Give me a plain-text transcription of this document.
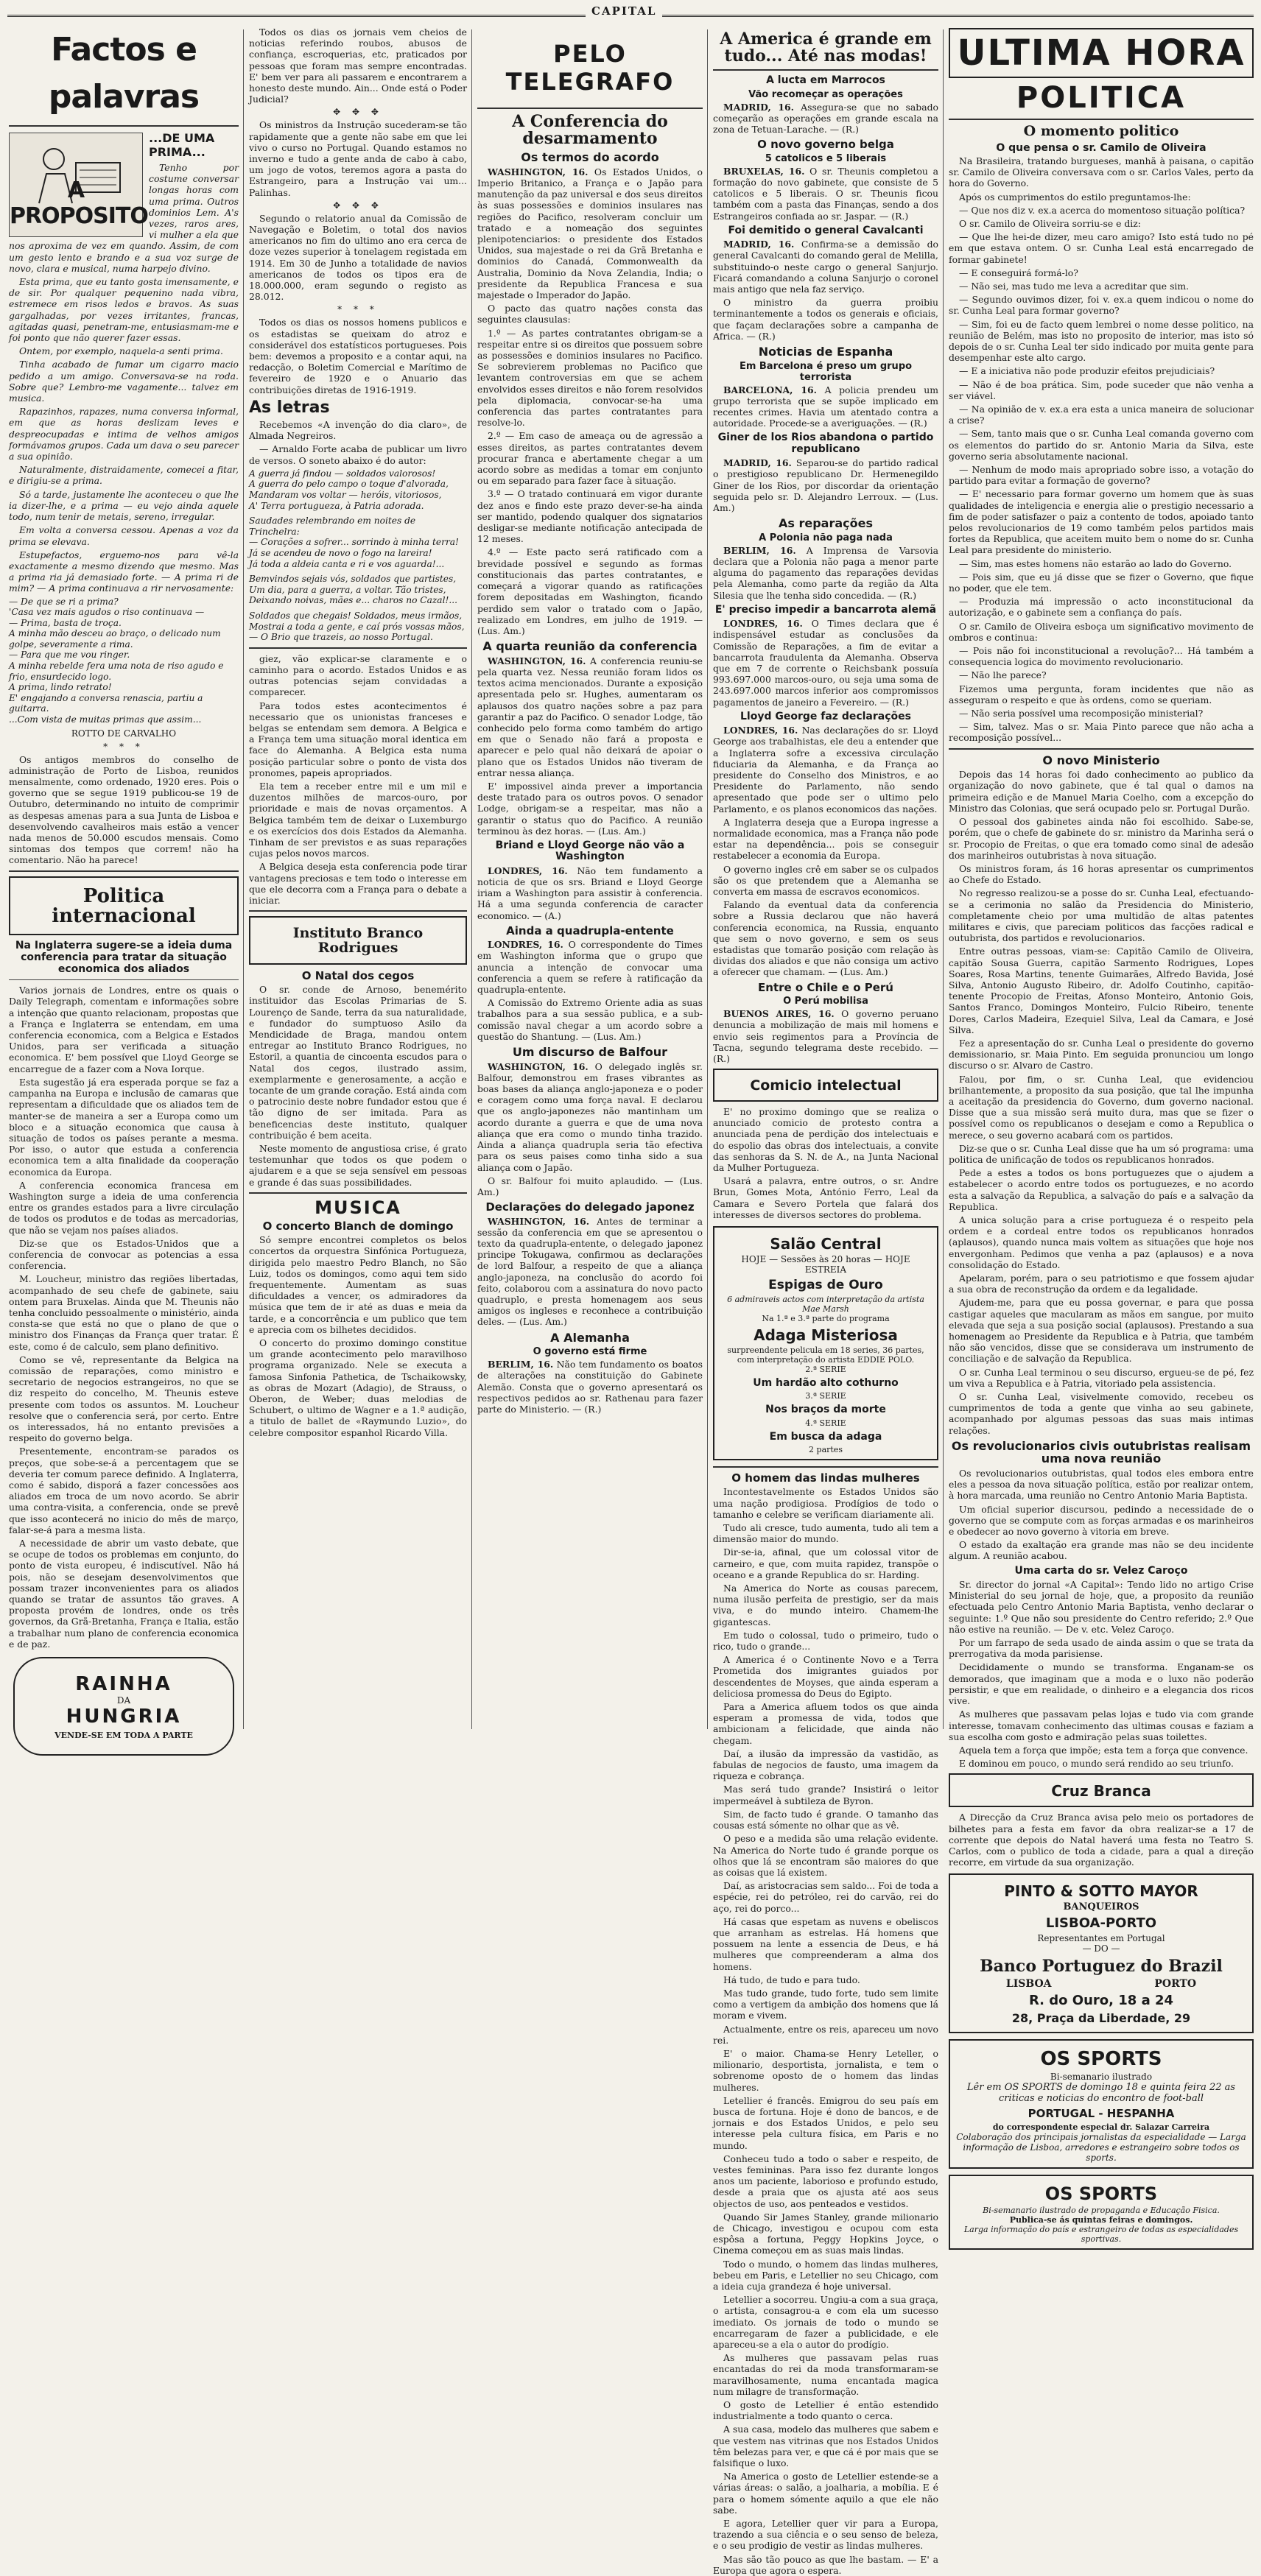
CAPITAL
Factos e palavras
A PROPOSITO
...DE UMA PRIMA...

Tenho por costume conversar longas horas com uma prima. Outros dominios Lem. A's vezes, raros ares, vi mulher a ela que nos aproxima de vez em quando. Assim, de com um gesto lento e brando e a sua voz surge de novo, clara e musical, numa harpejo divino.

Esta prima, que eu tanto gosta imensamente, e de sir. Por qualquer pequenino nada vibra, estremece em risos ledos e bravos. As suas gargalhadas, por vezes irritantes, francas, agitadas quasi, penetram-me, entusiasmam-me e foi ponto que não querer fazer essas.

Ontem, por exemplo, naquela-a senti prima.

Tinha acabado de fumar um cigarro macio pedido a um amigo. Conversava-se na roda. Sobre que? Lembro-me vagamente... talvez em musica.

Rapazinhos, rapazes, numa conversa informal, em que as horas deslizam leves e despreocupadas e intima de velhos amigos formávamos grupos. Cada um dava o seu parecer a sua opinião.

Naturalmente, distraidamente, comecei a fitar, e dirigiu-se a prima.

Só a tarde, justamente lhe aconteceu o que lhe ia dizer-lhe, e a prima — eu vejo ainda aquele todo, num tenir de metais, sereno, irregular.

Em volta a conversa cessou. Apenas a voz da prima se elevava.

Estupefactos, erguemo-nos para vê-la exactamente a mesmo dizendo que mesmo. Mas a prima ria já demasiado forte. — A prima ri de mim? — A prima continuava a rir nervosamente:

— De que se ri a prima?
'Casa vez mais agudos o riso continuava —
— Prima, basta de troça.
A minha mão desceu ao braço, o delicado num golpe, severamente a rima.
— Para que me vou ringer.
A minha rebelde fera uma nota de riso agudo e frio, ensurdecido logo.
A prima, lindo retrato!
E' engajando a conversa renascia, partiu a guitarra.
...Com vista de muitas primas que assim...
ROTTO DE CARVALHO
* * *

Os antigos membros do conselho de administração de Porto de Lisboa, reunidos mensalmente, como ordenado, 1920 eres. Pois o governo que se segue 1919 publicou-se 19 de Outubro, determinando no intuito de comprimir as despesas amenas para a sua Junta de Lisboa e desenvolvendo cavalheiros mais estão a vencer nada menos de 50.000 escudos mensais. Como sintomas dos tempos que correm! não ha comentario. Não ha parece!

Politica internacional
Na Inglaterra sugere-se a ideia duma conferencia para tratar da situação economica dos aliados

Varios jornais de Londres, entre os quais o Daily Telegraph, comentam e informações sobre a intenção que quanto relacionam, propostas que a França e Inglaterra se entendam, em uma conferencia economica, com a Belgica e Estados Unidos, para ser verificada a situação economica. E' bem possível que Lloyd George se encarregue de a fazer com a Nova Iorque.

Esta sugestão já era esperada porque se faz a campanha na Europa e inclusão de camaras que representam a dificuldade que os aliados tem de manter-se de maneira a ser a Europa como um bloco e a situação economica que causa à situação de todos os países perante a mesma. Por isso, o autor que estuda a conferencia economica tem a alta finalidade da cooperação economica da Europa.

A conferencia economica francesa em Washington surge a ideia de uma conferencia entre os grandes estados para a livre circulação de todos os produtos e de todas as mercadorias, que não se vejam nos países aliados.

Diz-se que os Estados-Unidos que a conferencia de convocar as potencias a essa conferencia.

M. Loucheur, ministro das regiões libertadas, acompanhado de seu chefe de gabinete, saiu ontem para Bruxelas. Ainda que M. Theunis não tenha concluido pessoalmente o ministério, ainda consta-se que está no que o plano de que o ministro dos Finanças da França quer tratar. É este, como é de calculo, sem plano definitivo.

Como se vê, representante da Belgica na comissão de reparações, como ministro e secretario de negocios estrangeiros, no que se diz respeito do concelho, M. Theunis esteve presente com todos os assuntos. M. Loucheur resolve que o conferencia será, por certo. Entre os interessados, há no entanto previsões a respeito do governo belga.

Presentemente, encontram-se parados os preços, que sobe-se-á a percentagem que se deveria ter comum parece definido. A Inglaterra, como é sabido, disporá a fazer concessões aos aliados em troca de um novo acordo. Se abrir uma contra-visita, a conferencia, onde se prevê que isso acontecerá no inicio do mês de março, falar-se-á para a mesma lista.

A necessidade de abrir um vasto debate, que se ocupe de todos os problemas em conjunto, do ponto de vista europeu, é indiscutível. Não há pois, não se desejam desenvolvimentos que possam trazer inconvenientes para os aliados quando se tratar de assuntos tão graves. A proposta provém de londres, onde os três governos, da Grã-Bretanha, França e Italia, estão a trabalhar num plano de conferencia economica e de paz.

RAINHA
DA
HUNGRIA
VENDE-SE EM TODA A PARTE

Todos os dias os jornais vem cheios de noticias referindo roubos, abusos de confiança, escroquerias, etc, praticados por pessoas que foram mas sempre encontradas. E' bem ver para ali passarem e encontrarem a honesto deste mundo. Ain... Onde está o Poder Judicial?

✥ ✥ ✥

Os ministros da Instrução sucederam-se tão rapidamente que a gente não sabe em que lei vivo o curso no Portugal. Quando estamos no inverno e tudo a gente anda de cabo à cabo, um jogo de votos, teremos agora a pasta do Estrangeiro, para a Instrução vai um... Palinhas.

✥ ✥ ✥

Segundo o relatorio anual da Comissão de Navegação e Boletim, o total dos navios americanos no fim do ultimo ano era cerca de doze vezes superior à tonelagem registada em 1914. Em 30 de Junho a totalidade de navios americanos de todos os tipos era de 18.000.000, eram segundo o registo as 28.012.

* * *

Todos os dias os nossos homens publicos e os estadistas se queixam do atroz e considerável dos estatísticos portugueses. Pois bem: devemos a proposito e a contar aqui, na redacção, o Boletim Comercial e Marítimo de fevereiro de 1920 e o Anuario das contribuições diretas de 1916-1919.

As letras

Recebemos «A invenção do dia claro», de Almada Negreiros.

— Arnaldo Forte acaba de publicar um livro de versos. O soneto abaixo é do autor:

A guerra já findou — soldados valorosos!
A guerra do pelo campo o toque d'alvorada,
Mandaram vos voltar — heróis, vitoriosos,
A' Terra portugueza, à Patria adorada.
Saudades relembrando em noites de Trinchelra:
— Corações a sofrer... sorrindo à minha terra!
Já se acendeu de novo o fogo na lareira!
Já toda a aldeia canta e ri e vos aguarda!...
Bemvindos sejais vós, soldados que partistes,
Um dia, para a guerra, a voltar. Tão tristes,
Deixando noivas, mães e... charos no Cazal!...
Soldados que chegais! Soldados, meus irmãos,
Mostrai a toda a gente, e caí prós vossas mãos,
— O Brio que trazeis, ao nosso Portugal.

giez, vão explicar-se claramente e o caminho para o acordo. Estados Unidos e as outras potencias sejam convidadas a comparecer.

Para todos estes acontecimentos é necessario que os unionistas franceses e belgas se entendam sem demora. A Belgica e a França tem uma situação moral identica em face do Alemanha. A Belgica esta numa posição particular sobre o ponto de vista dos pronomes, papeis apropriados.

Ela tem a receber entre mil e um mil e duzentos milhões de marcos-ouro, por prioridade e mais de novas orçamentos. A Belgica também tem de deixar o Luxemburgo e os exercícios dos dois Estados da Alemanha. Tinham de ser previstos e as suas reparações cujas pelos novos marcos.

A Belgica deseja esta conferencia pode tirar vantagens preciosas e tem todo o interesse em que ele decorra com a França para o debate a iniciar.

Instituto Branco Rodrigues
O Natal dos cegos

O sr. conde de Arnoso, benemérito instituidor das Escolas Primarias de S. Lourenço de Sande, terra da sua naturalidade, e fundador do sumptuoso Asilo da Mendicidade de Braga, mandou ontem entregar ao Instituto Branco Rodrigues, no Estoril, a quantia de cincoenta escudos para o Natal dos cegos, ilustrado assim, exemplarmente e generosamente, a acção e tocante de um grande coração. Está ainda com o patrocinio deste nobre fundador estou que é tão digno de ser imitada. Para as beneficencias deste instituto, qualquer contribuição é bem aceita.

Neste momento de angustiosa crise, é grato testemunhar que todos os que podem o ajudarem e a que se seja sensível em pessoas e grande é das suas possibilidades.

MUSICA
O concerto Blanch de domingo

Só sempre encontrei completos os belos concertos da orquestra Sinfónica Portugueza, dirigida pelo maestro Pedro Blanch, no São Luiz, todos os domingos, como aqui tem sido frequentemente. Aumentam as suas dificuldades a vencer, os admiradores da música que tem de ir até as duas e meia da tarde, e a concorrência e um publico que tem e aprecia com os bilhetes decididos.

O concerto do proximo domingo constitue um grande acontecimento pelo maravilhoso programa organizado. Nele se executa a famosa Sinfonia Pathetica, de Tschaikowsky, as obras de Mozart (Adagio), de Strauss, o Oberon, de Weber; duas melodias de Schubert, o ultimo de Wagner e a 1.ª audição, a titulo de ballet de «Raymundo Luzio», do celebre compositor espanhol Ricardo Villa.

PELO TELEGRAFO
A Conferencia do desarmamento
Os termos do acordo

WASHINGTON, 16. Os Estados Unidos, o Imperio Britanico, a França e o Japão para manutenção da paz universal e dos seus direitos às suas possessões e dominios insulares nas regiões do Pacifico, resolveram concluir um tratado e a nomeação dos seguintes plenipotenciarios: o presidente dos Estados Unidos, sua majestade o rei da Grã Bretanha e dominios do Canadá, Commonwealth da Australia, Dominio da Nova Zelandia, India; o presidente da Republica Francesa e sua majestade o Imperador do Japão.

O pacto das quatro nações consta das seguintes clausulas:

1.º — As partes contratantes obrigam-se a respeitar entre si os direitos que possuem sobre as possessões e dominios insulares no Pacifico. Se sobrevierem problemas no Pacifico que levantem controversias em que se achem envolvidos esses direitos e não forem resolvidos pela diplomacia, convocar-se-ha uma conferencia das partes contratantes para resolve-lo.

2.º — Em caso de ameaça ou de agressão a esses direitos, as partes contratantes devem procurar franca e abertamente chegar a um acordo sobre as medidas a tomar em conjunto ou em separado para fazer face à situação.

3.º — O tratado continuará em vigor durante dez anos e findo este prazo dever-se-ha ainda ser mantido, podendo qualquer dos signatarios desligar-se mediante notificação antecipada de 12 meses.

4.º — Este pacto será ratificado com a brevidade possível e segundo as formas constitucionais das partes contratantes, e começará a vigorar quando as ratificações forem depositadas em Washington, ficando perdido sem valor o tratado com o Japão, realizado em Londres, em julho de 1919. — (Lus. Am.)

A quarta reunião da conferencia

WASHINGTON, 16. A conferencia reuniu-se pela quarta vez. Nessa reunião foram lidos os textos acima mencionados. Durante a exposição apresentada pelo sr. Hughes, aumentaram os aplausos dos quatro nações sobre a paz para garantir a paz do Pacifico. O senador Lodge, tão conhecido pelo forma como também do artigo em que o Senado não fará a proposta e aparecer e pelo qual não deixará de apoiar o plano que os Estados Unidos não tiveram de entrar nessa aliança.

E' impossivel ainda prever a importancia deste tratado para os outros povos. O senador Lodge, obrigam-se a respeitar, mas não a garantir o status quo do Pacifico. A reunião terminou às dez horas. — (Lus. Am.)

Briand e Lloyd George não vão a Washington

LONDRES, 16. Não tem fundamento a noticia de que os srs. Briand e Lloyd George iriam a Washington para assistir à conferencia. Há a uma segunda conferencia de caracter economico. — (A.)

Ainda a quadrupla-entente

LONDRES, 16. O correspondente do Times em Washington informa que o grupo que anuncia a intenção de convocar uma conferencia a quem se refere à ratificação da quadrupla-entente.

A Comissão do Extremo Oriente adia as suas trabalhos para a sua sessão publica, e a sub-comissão naval chegar a um acordo sobre a questão do Shantung. — (Lus. Am.)

Um discurso de Balfour

WASHINGTON, 16. O delegado inglês sr. Balfour, demonstrou em frases vibrantes as boas bases da aliança anglo-japoneza e o poder e coragem como uma força naval. E declarou que os anglo-japonezes não mantinham um acordo durante a guerra e que de uma nova aliança que era como o mundo tinha trazido. Ainda a aliança quadrupla seria tão efectiva para os seus paises como tinha sido a sua aliança com o Japão.

O sr. Balfour foi muito aplaudido. — (Lus. Am.)

Declarações do delegado japonez

WASHINGTON, 16. Antes de terminar a sessão da conferencia em que se apresentou o texto da quadrupla-entente, o delegado japonez principe Tokugawa, confirmou as declarações de lord Balfour, a respeito de que a aliança anglo-japoneza, na conclusão do acordo foi feito, colaborou com a assinatura do novo pacto quadruplo, e presta homenagem aos seus amigos os ingleses e reconhece a contribuição deles. — (Lus. Am.)

A Alemanha
O governo está firme

BERLIM, 16. Não tem fundamento os boatos de alterações na constituição do Gabinete Alemão. Consta que o governo apresentará os respectivos pedidos ao sr. Rathenau para fazer parte do Ministerio. — (R.)

A America é grande em tudo... Até nas modas!
A lucta em Marrocos
Vão recomeçar as operações

MADRID, 16. Assegura-se que no sabado começarão as operações em grande escala na zona de Tetuan-Larache. — (R.)

O novo governo belga
5 catolicos e 5 liberais

BRUXELAS, 16. O sr. Theunis completou a formação do novo gabinete, que consiste de 5 catolicos e 5 liberais. O sr. Theunis ficou também com a pasta das Finanças, sendo a dos Estrangeiros confiada ao sr. Jaspar. — (R.)

Foi demitido o general Cavalcanti

MADRID, 16. Confirma-se a demissão do general Cavalcanti do comando geral de Melilla, substituindo-o neste cargo o general Sanjurjo. Ficará comandando a coluna Sanjurjo o coronel mais antigo que nela faz serviço.

O ministro da guerra proibiu terminantemente a todos os generais e oficiais, que façam declarações sobre a campanha de Africa. — (R.)

Noticias de Espanha
Em Barcelona é preso um grupo terrorista

BARCELONA, 16. A policia prendeu um grupo terrorista que se supõe implicado em recentes crimes. Havia um atentado contra a autoridade. Procede-se a averiguações. — (R.)

Giner de los Rios abandona o partido republicano

MADRID, 16. Separou-se do partido radical o prestigioso republicano Dr. Hermenegildo Giner de los Rios, por discordar da orientação seguida pelo sr. D. Alejandro Lerroux. — (Lus. Am.)

As reparações
A Polonia não paga nada

BERLIM, 16. A Imprensa de Varsovia declara que a Polonia não paga a menor parte alguma do pagamento das reparações devidas pela Alemanha, como parte da região da Alta Silesia que lhe tenha sido concedida. — (R.)

E' preciso impedir a bancarrota alemã

LONDRES, 16. O Times declara que é indispensável estudar as conclusões da Comissão de Reparações, a fim de evitar a bancarrota fraudulenta da Alemanha. Observa que em 7 de corrente o Reichsbank possuía 993.697.000 marcos-ouro, ou seja uma soma de 243.697.000 marcos inferior aos compromissos pagamentos de janeiro a Fevereiro. — (R.)

Lloyd George faz declarações

LONDRES, 16. Nas declarações do sr. Lloyd George aos trabalhistas, ele deu a entender que a Inglaterra sofre a excessiva circulação fiduciaria da Alemanha, e da França ao presidente do Conselho dos Ministros, e ao Presidente do Parlamento, não sendo apresentado que pode ser o ultimo pelo Parlamento, e os planos economicos das nações.

A Inglaterra deseja que a Europa ingresse a normalidade economica, mas a França não pode estar na dependência... pois se conseguir restabelecer a economia da Europa.

O governo ingles crê em saber se os culpados são os que pretendem que a Alemanha se converta em massa de escravos economicos.

Falando da eventual data da conferencia sobre a Russia declarou que não haverá conferencia economica, na Russia, enquanto que sem o novo governo, e sem os seus estadistas que tomarão posição com relação às dividas dos aliados e que não consiga um activo a oferecer que chamam. — (Lus. Am.)

Entre o Chile e o Perú
O Perú mobilisa

BUENOS AIRES, 16. O governo peruano denuncia a mobilização de mais mil homens e envio seis regimentos para a Província de Tacna, segundo telegrama deste recebido. — (R.)

Comicio intelectual

E' no proximo domingo que se realiza o anunciado comicio de protesto contra a anunciada pena de perdição dos intelectuais e do espolio das obras dos intelectuais, a convite das senhoras da S. N. de A., na Junta Nacional da Mulher Portugueza.

Usará a palavra, entre outros, o sr. Andre Brun, Gomes Mota, António Ferro, Leal da Camara e Severo Portela que falará dos interesses de diversos sectores do problema.

Salão Central
HOJE — Sessões às 20 horas — HOJE
ESTREIA
Espigas de Ouro
6 admiraveis actos com interpretação da artista Mae Marsh
Na 1.ª e 3.ª parte do programa
Adaga Misteriosa
surpreendente pelicula em 18 series, 36 partes, com interpretação do artista EDDIE POLO.
2.ª SERIE
Um hardão alto cothurno
3.ª SERIE
Nos braços da morte
4.ª SERIE
Em busca da adaga
2 partes
O homem das lindas mulheres

Incontestavelmente os Estados Unidos são uma nação prodigiosa. Prodígios de todo o tamanho e celebre se verificam diariamente ali.

Tudo ali cresce, tudo aumenta, tudo ali tem a dimensão maior do mundo.

Dir-se-ia, afinal, que um colossal vitor de carneiro, e que, com muita rapidez, transpõe o oceano e a grande Republica do sr. Harding.

Na America do Norte as cousas parecem, numa ilusão perfeita de prestigio, ser da mais viva, e do mundo inteiro. Chamem-lhe gigantescas.

Em tudo o colossal, tudo o primeiro, tudo o rico, tudo o grande...

A America é o Continente Novo e a Terra Prometida dos imigrantes guiados por descendentes de Moyses, que ainda esperam a deliciosa promessa do Deus do Egipto.

Para a America afluem todos os que ainda esperam a promessa de vida, todos que ambicionam a felicidade, que ainda não chegam.

Daí, a ilusão da impressão da vastidão, as fabulas de negocios de fausto, uma imagem da riqueza e cobrança.

Mas será tudo grande? Insistirá o leitor impermeável à subtileza de Byron.

Sim, de facto tudo é grande. O tamanho das cousas está sómente no olhar que as vê.

O peso e a medida são uma relação evidente. Na America do Norte tudo é grande porque os olhos que lá se encontram são maiores do que as coisas que lá existem.

Daí, as aristocracias sem saldo... Foi de toda a espécie, rei do petróleo, rei do carvão, rei do aço, rei do porco...

Há casas que espetam as nuvens e obeliscos que arranham as estrelas. Há homens que possuem na lente a essencia de Deus, e há mulheres que compreenderam a alma dos homens.

Há tudo, de tudo e para tudo.

Mas tudo grande, tudo forte, tudo sem limite como a vertigem da ambição dos homens que lá moram e vivem.

Actualmente, entre os reis, apareceu um novo rei.

E' o maior. Chama-se Henry Leteller, o milionario, desportista, jornalista, e tem o sobrenome oposto de o homem das lindas mulheres.

Letellier é francês. Emigrou do seu país em busca de fortuna. Hoje é dono de bancos, e de jornais e dos Estados Unidos, e pelo seu interesse pela cultura física, em Paris e no mundo.

Conheceu tudo a todo o saber e respeito, de vestes femininas. Para isso fez durante longos anos um paciente, laborioso e profundo estudo, desde a praia que os ajusta até aos seus objectos de uso, aos penteados e vestidos.

Quando Sir James Stanley, grande milionario de Chicago, investigou e ocupou com esta espôsa a fortuna, Peggy Hopkins Joyce, o Cinema começou em as suas mais lindas.

Todo o mundo, o homem das lindas mulheres, bebeu em Paris, e Letellier no seu Chicago, com a ideia cuja grandeza é hoje universal.

Letellier a socorreu. Ungiu-a com a sua graça, o artista, consagrou-a e com ela um sucesso imediato. Os jornais de todo o mundo se encarregaram de fazer a publicidade, e ele apareceu-se a ela o autor do prodígio.

As mulheres que passavam pelas ruas encantadas do rei da moda transformaram-se maravilhosamente, numa encantada magica num milagre de transformação.

O gosto de Letellier é então estendido industrialmente a todo quanto o cerca.

A sua casa, modelo das mulheres que sabem e que vestem nas vitrinas que nos Estados Unidos têm belezas para ver, e que cá é por mais que se falsifique o luxo.

Na America o gosto de Letellier estende-se a várias áreas: o salão, a joalharia, a mobília. E é para o homem sómente aquilo a que ele não sabe.

E agora, Letellier quer vir para a Europa, trazendo a sua ciência e o seu senso de beleza, e o seu prodigio de vestir as lindas mulheres.

Mas são tão pouco as que lhe bastam. — E' a Europa que agora o espera.

ULTIMA HORA
POLITICA
O momento politico
O que pensa o sr. Camilo de Oliveira

Na Brasileira, tratando burgueses, manhã à paisana, o capitão sr. Camilo de Oliveira conversava com o sr. Carlos Vales, perto da hora do Governo.

Após os cumprimentos do estilo preguntamos-lhe:

— Que nos diz v. ex.a acerca do momentoso situação política?

O sr. Camilo de Oliveira sorriu-se e diz:

— Que lhe hei-de dizer, meu caro amigo? Isto está tudo no pé em que estava ontem. O sr. Cunha Leal está encarregado de formar gabinete!

— E conseguirá formá-lo?

— Não sei, mas tudo me leva a acreditar que sim.

— Segundo ouvimos dizer, foi v. ex.a quem indicou o nome do sr. Cunha Leal para formar governo?

— Sim, foi eu de facto quem lembrei o nome desse politico, na reunião de Belém, mas isto no proposito de interior, mas isto só depois de o sr. Cunha Leal ter sido indicado por muita gente para desempenhar este alto cargo.

— E a iniciativa não pode produzir efeitos prejudiciais?

— Não é de boa prática. Sim, pode suceder que não venha a ser viável.

— Na opinião de v. ex.a era esta a unica maneira de solucionar a crise?

— Sem, tanto mais que o sr. Cunha Leal comanda governo com os elementos do partido do sr. Antonio Maria da Silva, este governo seria absolutamente nacional.

— Nenhum de modo mais apropriado sobre isso, a votação do partido para evitar a formação de governo?

— E' necessario para formar governo um homem que às suas qualidades de inteligencia e energia alie o prestigio necessario a fim de poder satisfazer o paiz a contento de todos, apoiado tanto pelos revolucionarios de 19 como também pelos partidos mais fortes da Republica, que aceitem muito bem o nome do sr. Cunha Leal para presidente do ministerio.

— Sim, mas estes homens não estarão ao lado do Governo.

— Pois sim, que eu já disse que se fizer o Governo, que fique no poder, que ele tem.

— Produzia má impressão o acto inconstitucional da autorização, e o gabinete sem a confiança do país.

O sr. Camilo de Oliveira esboça um significativo movimento de ombros e continua:

— Pois não foi inconstitucional a revolução?... Há também a consequencia logica do movimento revolucionario.

— Não lhe parece?

Fizemos uma pergunta, foram incidentes que não as asseguram o respeito e que às ordens, como se queriam.

— Não seria possível uma recomposição ministerial?

— Sim, talvez. Mas o sr. Maia Pinto parece que não acha a recomposição possível...

O novo Ministerio

Depois das 14 horas foi dado conhecimento ao publico da organização do novo gabinete, que é tal qual o damos na primeira edição e de Manuel Maria Coelho, com a excepção do Ministro das Colonias, que será ocupado pelo sr. Portugal Durão.

O pessoal dos gabinetes ainda não foi escolhido. Sabe-se, porém, que o chefe de gabinete do sr. ministro da Marinha será o sr. Procopio de Freitas, o que era tomado como sinal de adesão dos marinheiros outubristas à nova situação.

Os ministros foram, ás 16 horas apresentar os cumprimentos ao Chefe do Estado.

No regresso realizou-se a posse do sr. Cunha Leal, efectuando-se a cerimonia no salão da Presidencia do Ministerio, completamente cheio por uma multidão de altas patentes militares e civis, que pareciam politicos das facções radical e outubrista, dos partidos e revolucionarios.

Entre outras pessoas, viam-se: Capitão Camilo de Oliveira, capitão Sousa Guerra, capitão Sarmento Rodrigues, Lopes Soares, Rosa Martins, tenente Guimarães, Alfredo Bavida, José Silva, Antonio Augusto Ribeiro, dr. Adolfo Coutinho, capitão-tenente Procopio de Freitas, Afonso Monteiro, Antonio Gois, Santos Franco, Domingos Monteiro, Fulcio Ribeiro, tenente Dores, Carlos Madeira, Ezequiel Silva, Leal da Camara, e José Silva.

Fez a apresentação do sr. Cunha Leal o presidente do governo demissionario, sr. Maia Pinto. Em seguida pronunciou um longo discurso o sr. Alvaro de Castro.

Falou, por fim, o sr. Cunha Leal, que evidenciou brilhantemente, a proposito da sua posição, que tal lhe impunha a aceitação da presidencia do Governo, dum governo nacional. Disse que a sua missão será muito dura, mas que se fizer o possível como os republicanos o desejam e como a Republica o merece, o seu governo acabará com os partidos.

Diz-se que o sr. Cunha Leal disse que ha um só programa: uma politica de unificação de todos os republicanos honrados.

Pede a estes a todos os bons portuguezes que o ajudem a estabelecer o acordo entre todos os portuguezes, e no acordo esta a salvação da Republica, a salvação do país e a salvação da Republica.

A unica solução para a crise portugueza é o respeito pela ordem e a cordeal entre todos os republicanos honrados (aplausos), quando nunca mais voltem as situações que hoje nos envergonham. Pedimos que venha a paz (aplausos) e a nova consolidação do Estado.

Apelaram, porém, para o seu patriotismo e que fossem ajudar a sua obra de reconstrução da ordem e da legalidade.

Ajudem-me, para que eu possa governar, e para que possa castigar aqueles que macularam as mãos em sangue, por muito elevada que seja a sua posição social (aplausos). Prestando a sua homenagem ao Presidente da Republica e à Patria, que também não são vencidos, disse que se considerava um instrumento de conciliação e de salvação da Republica.

O sr. Cunha Leal terminou o seu discurso, ergueu-se de pé, fez um viva a Republica e à Patria, vitoriado pela assistencia.

O sr. Cunha Leal, visivelmente comovido, recebeu os cumprimentos de toda a gente que vinha ao seu gabinete, acompanhado por algumas pessoas das suas mais intimas relações.

Os revolucionarios civis outubristas realisam uma nova reunião

Os revolucionarios outubristas, qual todos eles embora entre eles a pessoa da nova situação política, estão por realizar ontem, à hora marcada, uma reunião no Centro Antonio Maria Baptista.

Um oficial superior discursou, pedindo a necessidade de o governo que se compute com as forças armadas e os marinheiros e obedecer ao novo governo à vitoria em breve.

O estado da exaltação era grande mas não se deu incidente algum. A reunião acabou.

Uma carta do sr. Velez Caroço

Sr. director do jornal «A Capital»: Tendo lido no artigo Crise Ministerial do seu jornal de hoje, que, a proposito da reunião efectuada pelo Centro Antonio Maria Baptista, venho declarar o seguinte: 1.º Que não sou presidente do Centro referido; 2.º Que não estive na reunião. — De v. etc. Velez Caroço.

Por um farrapo de seda usado de ainda assim o que se trata da prerrogativa da moda parisiense.

Decididamente o mundo se transforma. Enganam-se os demorados, que imaginam que a moda e o luxo não poderão persistir, e que em realidade, o dinheiro e a elegancia dos ricos vive.

As mulheres que passavam pelas lojas e tudo via com grande interesse, tomavam conhecimento das ultimas cousas e faziam a sua escolha com gosto e admiração pelas suas toilettes.

Aquela tem a força que impõe; esta tem a força que convence.

E dominou em pouco, o mundo será rendido ao seu triunfo.

Cruz Branca

A Direcção da Cruz Branca avisa pelo meio os portadores de bilhetes para a festa em favor da obra realizar-se a 17 de corrente que depois do Natal haverá uma festa no Teatro S. Carlos, com o publico de toda a cidade, para a qual a direção recorre, em virtude da sua organização.

PINTO & SOTTO MAYOR
BANQUEIROS
LISBOA-PORTO
Representantes em Portugal
— DO —
Banco Portuguez do Brazil
LISBOA	PORTO
R. do Ouro, 18 a 24
28, Praça da Liberdade, 29
OS SPORTS
Bi-semanario ilustrado
Lêr em OS SPORTS de domingo 18 e quinta feira 22 as criticas e noticias do encontro de foot-ball
PORTUGAL - HESPANHA
do correspondente especial dr. Salazar Carreira
Colaboração dos principais jornalistas da especialidade — Larga informação de Lisboa, arredores e estrangeiro sobre todos os sports.
OS SPORTS
Bi-semanario ilustrado de propaganda e Educação Fisica.
Publica-se ás quintas feiras e domingos.
Larga informação do país e estrangeiro de todas as especialidades sportivas.
